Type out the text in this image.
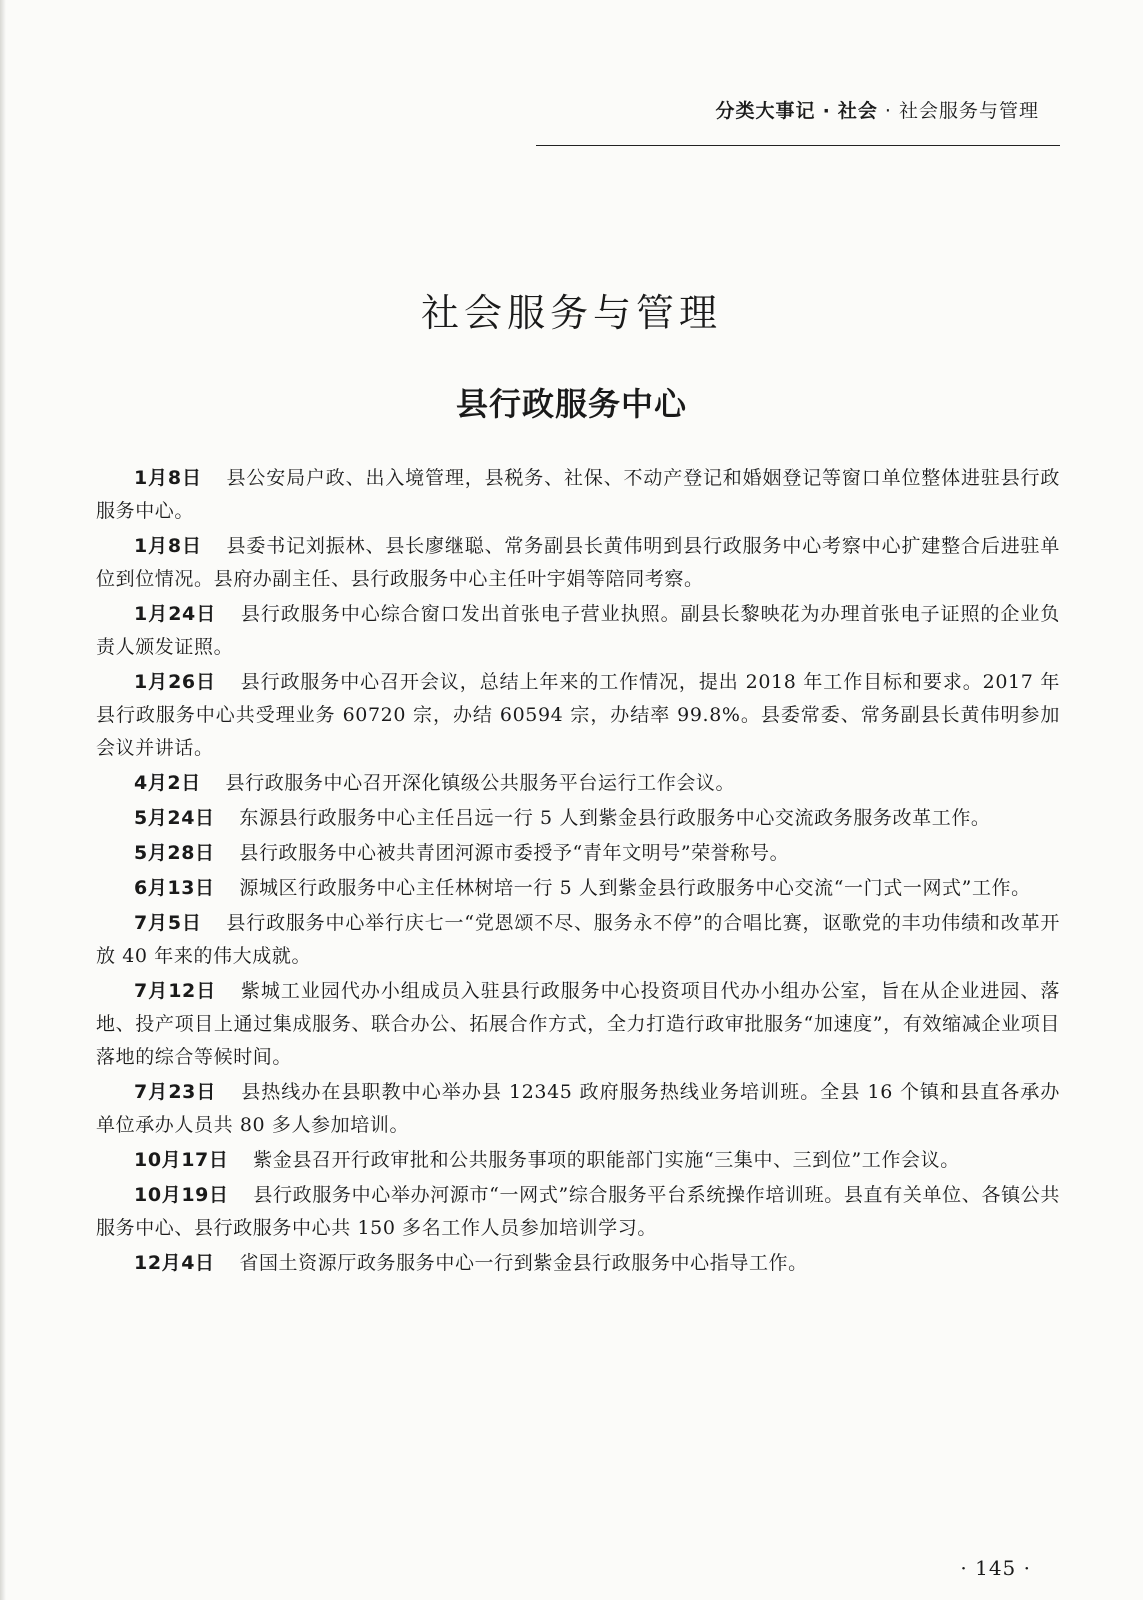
分类大事记 · 社会 · 社会服务与管理
社会服务与管理
县行政服务中心

1月8日 县公安局户政、出入境管理，县税务、社保、不动产登记和婚姻登记等窗口单位整体进驻县行政服务中心。

1月8日 县委书记刘振林、县长廖继聪、常务副县长黄伟明到县行政服务中心考察中心扩建整合后进驻单位到位情况。县府办副主任、县行政服务中心主任叶宇娟等陪同考察。

1月24日 县行政服务中心综合窗口发出首张电子营业执照。副县长黎映花为办理首张电子证照的企业负责人颁发证照。

1月26日 县行政服务中心召开会议，总结上年来的工作情况，提出 2018 年工作目标和要求。2017 年县行政服务中心共受理业务 60720 宗，办结 60594 宗，办结率 99.8%。县委常委、常务副县长黄伟明参加会议并讲话。

4月2日 县行政服务中心召开深化镇级公共服务平台运行工作会议。

5月24日 东源县行政服务中心主任吕远一行 5 人到紫金县行政服务中心交流政务服务改革工作。

5月28日 县行政服务中心被共青团河源市委授予“青年文明号”荣誉称号。

6月13日 源城区行政服务中心主任林树培一行 5 人到紫金县行政服务中心交流“一门式一网式”工作。

7月5日 县行政服务中心举行庆七一“党恩颂不尽、服务永不停”的合唱比赛，讴歌党的丰功伟绩和改革开放 40 年来的伟大成就。

7月12日 紫城工业园代办小组成员入驻县行政服务中心投资项目代办小组办公室，旨在从企业进园、落地、投产项目上通过集成服务、联合办公、拓展合作方式，全力打造行政审批服务“加速度”，有效缩减企业项目落地的综合等候时间。

7月23日 县热线办在县职教中心举办县 12345 政府服务热线业务培训班。全县 16 个镇和县直各承办单位承办人员共 80 多人参加培训。

10月17日 紫金县召开行政审批和公共服务事项的职能部门实施“三集中、三到位”工作会议。

10月19日 县行政服务中心举办河源市“一网式”综合服务平台系统操作培训班。县直有关单位、各镇公共服务中心、县行政服务中心共 150 多名工作人员参加培训学习。

12月4日 省国土资源厅政务服务中心一行到紫金县行政服务中心指导工作。

· 145 ·
